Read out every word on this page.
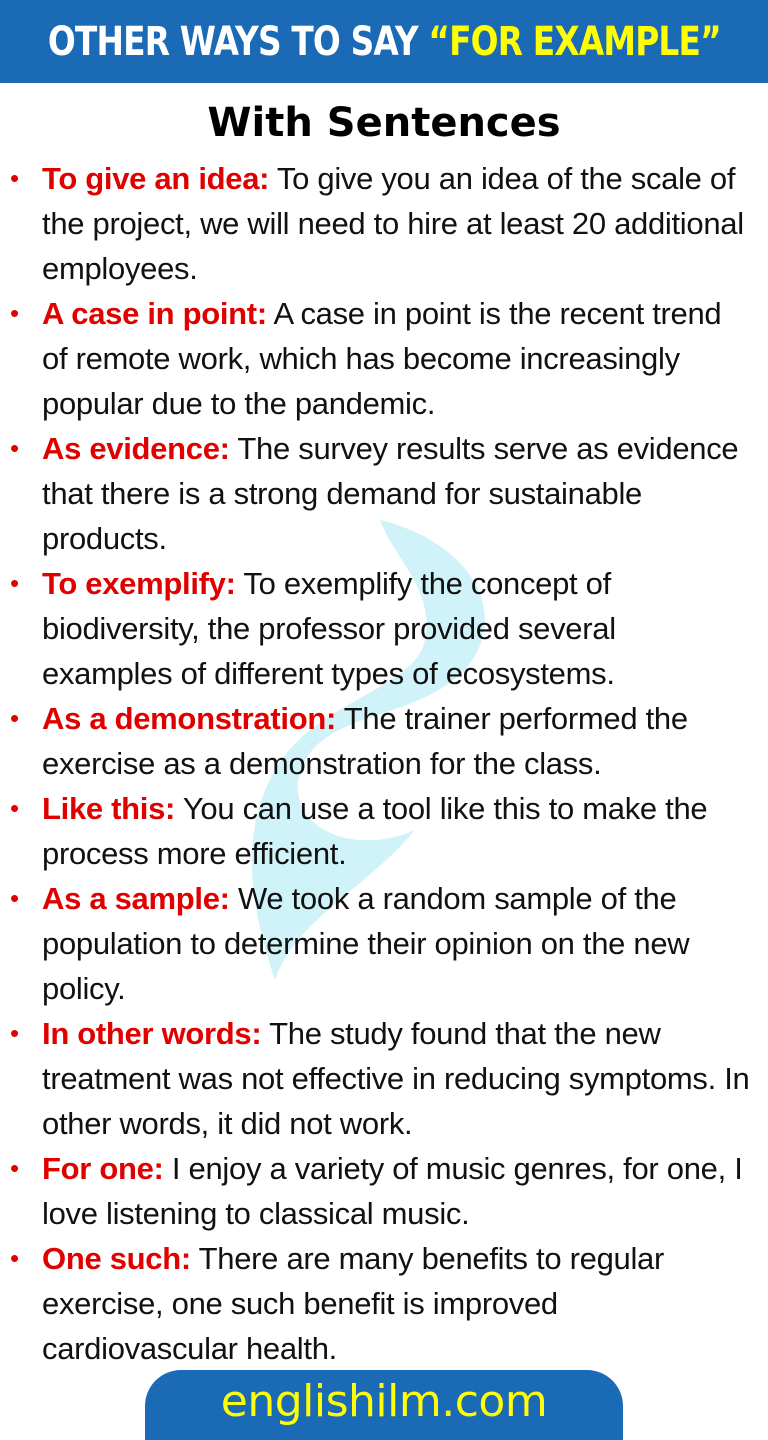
OTHER WAYS TO SAY “FOR EXAMPLE”
With Sentences
• To give an idea: To give you an idea of the scale of the project, we will need to hire at least 20 additional employees.
• A case in point: A case in point is the recent trend of remote work, which has become increasingly popular due to the pandemic.
• As evidence: The survey results serve as evidence that there is a strong demand for sustainable products.
• To exemplify: To exemplify the concept of biodiversity, the professor provided several examples of different types of ecosystems.
• As a demonstration: The trainer performed the exercise as a demonstration for the class.
• Like this: You can use a tool like this to make the process more efficient.
• As a sample: We took a random sample of the population to determine their opinion on the new policy.
• In other words: The study found that the new treatment was not effective in reducing symptoms. In other words, it did not work.
• For one: I enjoy a variety of music genres, for one, I love listening to classical music.
• One such: There are many benefits to regular exercise, one such benefit is improved cardiovascular health.
englishilm.com
